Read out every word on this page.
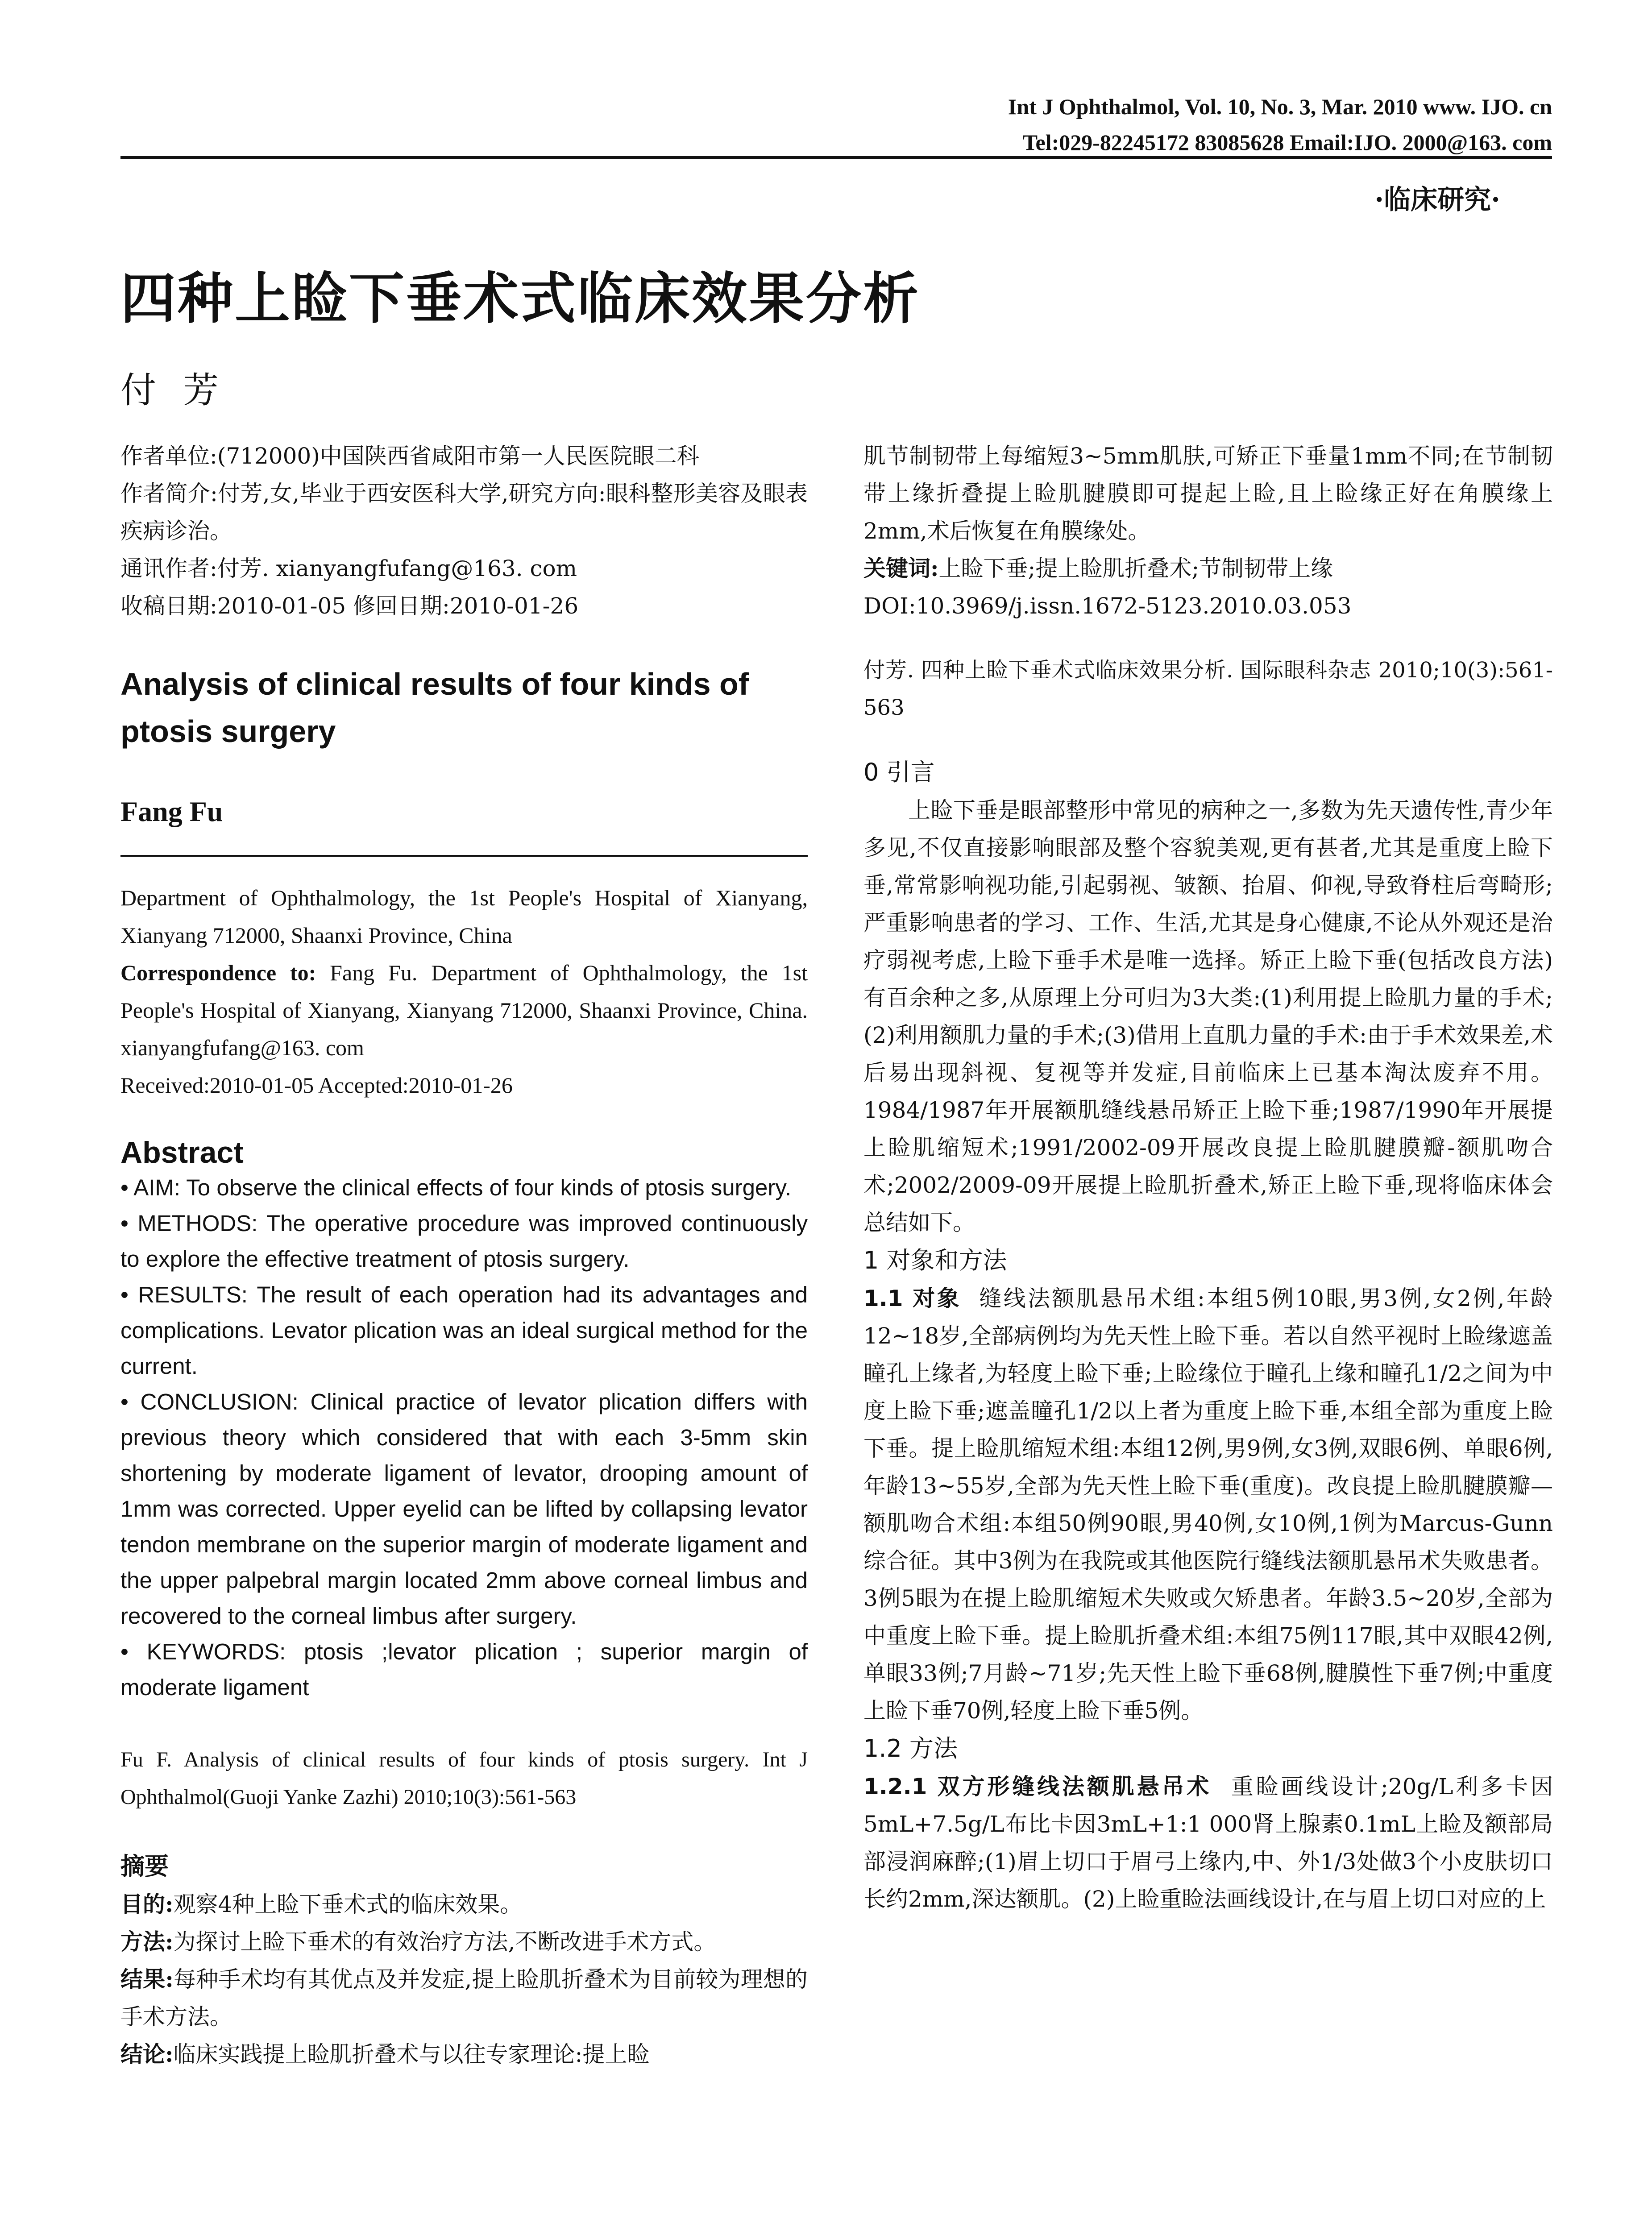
Int J Ophthalmol, Vol. 10, No. 3, Mar. 2010 www. IJO. cn
Tel:029-82245172 83085628 Email:IJO. 2000@163. com
·临床研究·
四种上睑下垂术式临床效果分析
付芳

作者单位:(712000)中国陕西省咸阳市第一人民医院眼二科

作者简介:付芳,女,毕业于西安医科大学,研究方向:眼科整形美容及眼表疾病诊治。

通讯作者:付芳. xianyangfufang@163. com

收稿日期:2010-01-05 修回日期:2010-01-26

Analysis of clinical results of four kinds of ptosis surgery

Fang Fu

Department of Ophthalmology, the 1st People's Hospital of Xianyang, Xianyang 712000, Shaanxi Province, China

Correspondence to: Fang Fu. Department of Ophthalmology, the 1st People's Hospital of Xianyang, Xianyang 712000, Shaanxi Province, China. xianyangfufang@163. com

Received:2010-01-05 Accepted:2010-01-26

Abstract

• AIM: To observe the clinical effects of four kinds of ptosis surgery.

• METHODS: The operative procedure was improved continuously to explore the effective treatment of ptosis surgery.

• RESULTS: The result of each operation had its advantages and complications. Levator plication was an ideal surgical method for the current.

• CONCLUSION: Clinical practice of levator plication differs with previous theory which considered that with each 3-5mm skin shortening by moderate ligament of levator, drooping amount of 1mm was corrected. Upper eyelid can be lifted by collapsing levator tendon membrane on the superior margin of moderate ligament and the upper palpebral margin located 2mm above corneal limbus and recovered to the corneal limbus after surgery.

• KEYWORDS: ptosis ;levator plication ; superior margin of moderate ligament

Fu F. Analysis of clinical results of four kinds of ptosis surgery. Int J Ophthalmol(Guoji Yanke Zazhi) 2010;10(3):561-563

摘要

目的:观察4种上睑下垂术式的临床效果。

方法:为探讨上睑下垂术的有效治疗方法,不断改进手术方式。

结果:每种手术均有其优点及并发症,提上睑肌折叠术为目前较为理想的手术方法。

结论:临床实践提上睑肌折叠术与以往专家理论:提上睑

肌节制韧带上每缩短3~5mm肌肤,可矫正下垂量1mm不同;在节制韧带上缘折叠提上睑肌腱膜即可提起上睑,且上睑缘正好在角膜缘上2mm,术后恢复在角膜缘处。

关键词:上睑下垂;提上睑肌折叠术;节制韧带上缘

DOI:10.3969/j.issn.1672-5123.2010.03.053

付芳. 四种上睑下垂术式临床效果分析. 国际眼科杂志 2010;10(3):561-563

0 引言

上睑下垂是眼部整形中常见的病种之一,多数为先天遗传性,青少年多见,不仅直接影响眼部及整个容貌美观,更有甚者,尤其是重度上睑下垂,常常影响视功能,引起弱视、皱额、抬眉、仰视,导致脊柱后弯畸形;严重影响患者的学习、工作、生活,尤其是身心健康,不论从外观还是治疗弱视考虑,上睑下垂手术是唯一选择。矫正上睑下垂(包括改良方法)有百余种之多,从原理上分可归为3大类:(1)利用提上睑肌力量的手术;(2)利用额肌力量的手术;(3)借用上直肌力量的手术:由于手术效果差,术后易出现斜视、复视等并发症,目前临床上已基本淘汰废弃不用。1984/1987年开展额肌缝线悬吊矫正上睑下垂;1987/1990年开展提上睑肌缩短术;1991/2002-09开展改良提上睑肌腱膜瓣-额肌吻合术;2002/2009-09开展提上睑肌折叠术,矫正上睑下垂,现将临床体会总结如下。

1 对象和方法

1.1 对象 缝线法额肌悬吊术组:本组5例10眼,男3例,女2例,年龄12~18岁,全部病例均为先天性上睑下垂。若以自然平视时上睑缘遮盖瞳孔上缘者,为轻度上睑下垂;上睑缘位于瞳孔上缘和瞳孔1/2之间为中度上睑下垂;遮盖瞳孔1/2以上者为重度上睑下垂,本组全部为重度上睑下垂。提上睑肌缩短术组:本组12例,男9例,女3例,双眼6例、单眼6例,年龄13~55岁,全部为先天性上睑下垂(重度)。改良提上睑肌腱膜瓣—额肌吻合术组:本组50例90眼,男40例,女10例,1例为Marcus-Gunn综合征。其中3例为在我院或其他医院行缝线法额肌悬吊术失败患者。3例5眼为在提上睑肌缩短术失败或欠矫患者。年龄3.5~20岁,全部为中重度上睑下垂。提上睑肌折叠术组:本组75例117眼,其中双眼42例,单眼33例;7月龄~71岁;先天性上睑下垂68例,腱膜性下垂7例;中重度上睑下垂70例,轻度上睑下垂5例。

1.2 方法

1.2.1 双方形缝线法额肌悬吊术 重睑画线设计;20g/L利多卡因5mL+7.5g/L布比卡因3mL+1:1 000肾上腺素0.1mL上睑及额部局部浸润麻醉;(1)眉上切口于眉弓上缘内,中、外1/3处做3个小皮肤切口长约2mm,深达额肌。(2)上睑重睑法画线设计,在与眉上切口对应的上
